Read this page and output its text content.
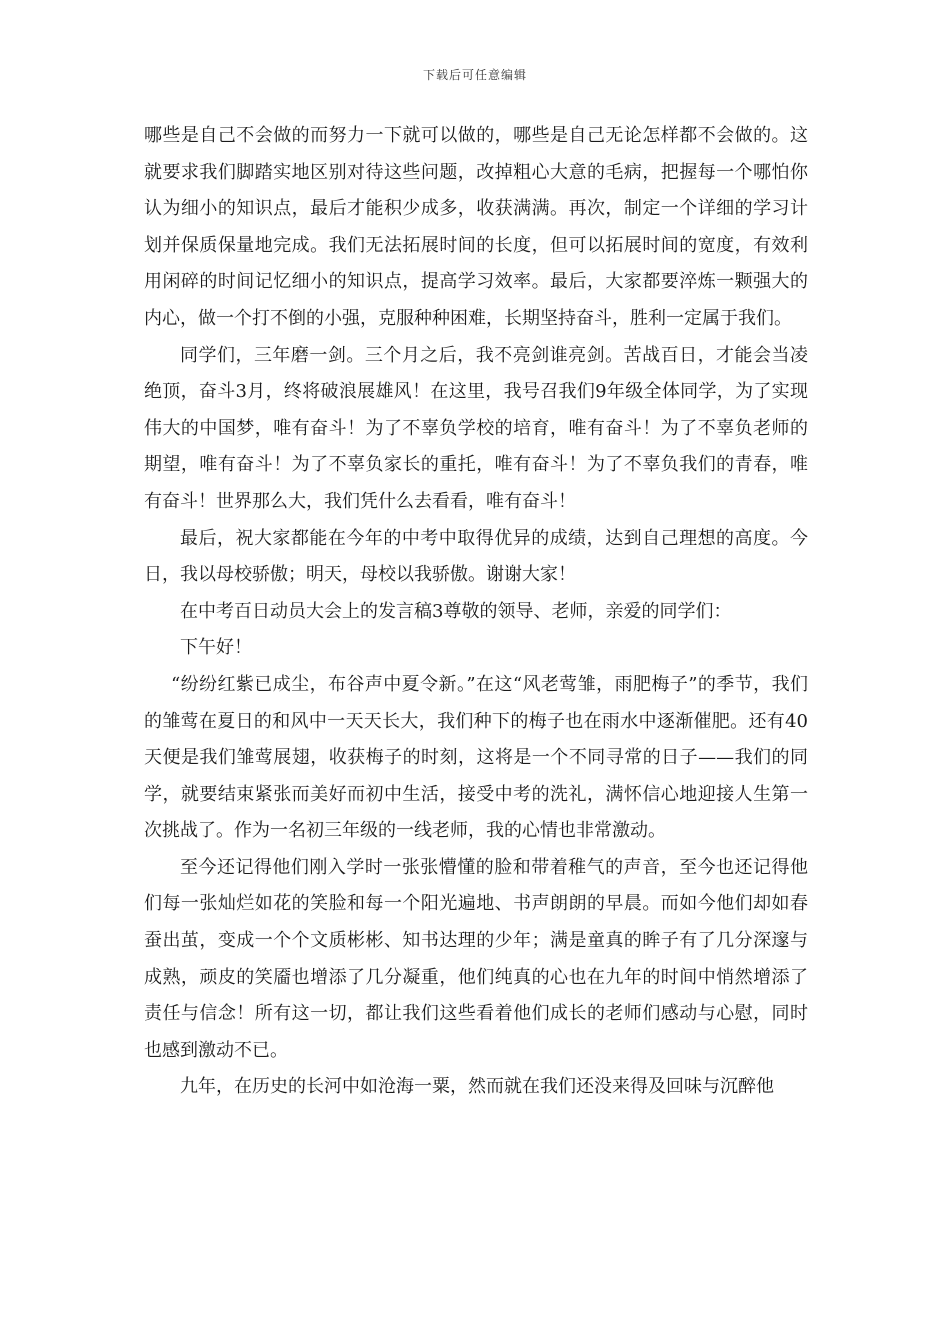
下载后可任意编辑

哪些是自己不会做的而努力一下就可以做的，哪些是自己无论怎样都不会做的。这就要求我们脚踏实地区别对待这些问题，改掉粗心大意的毛病，把握每一个哪怕你认为细小的知识点，最后才能积少成多，收获满满。再次，制定一个详细的学习计划并保质保量地完成。我们无法拓展时间的长度，但可以拓展时间的宽度，有效利用闲碎的时间记忆细小的知识点，提高学习效率。最后，大家都要淬炼一颗强大的内心，做一个打不倒的小强，克服种种困难，长期坚持奋斗，胜利一定属于我们。

同学们，三年磨一剑。三个月之后，我不亮剑谁亮剑。苦战百日，才能会当凌绝顶，奋斗3月，终将破浪展雄风！在这里，我号召我们9年级全体同学，为了实现伟大的中国梦，唯有奋斗！为了不辜负学校的培育，唯有奋斗！为了不辜负老师的期望，唯有奋斗！为了不辜负家长的重托，唯有奋斗！为了不辜负我们的青春，唯有奋斗！世界那么大，我们凭什么去看看，唯有奋斗！

最后，祝大家都能在今年的中考中取得优异的成绩，达到自己理想的高度。今日，我以母校骄傲；明天，母校以我骄傲。谢谢大家！

在中考百日动员大会上的发言稿3尊敬的领导、老师，亲爱的同学们：

下午好！

“纷纷红紫已成尘，布谷声中夏令新。”在这“风老莺雏，雨肥梅子”的季节，我们的雏莺在夏日的和风中一天天长大，我们种下的梅子也在雨水中逐渐催肥。还有40天便是我们雏莺展翅，收获梅子的时刻，这将是一个不同寻常的日子——我们的同学，就要结束紧张而美好而初中生活，接受中考的洗礼，满怀信心地迎接人生第一次挑战了。作为一名初三年级的一线老师，我的心情也非常激动。

至今还记得他们刚入学时一张张懵懂的脸和带着稚气的声音，至今也还记得他们每一张灿烂如花的笑脸和每一个阳光遍地、书声朗朗的早晨。而如今他们却如春蚕出茧，变成一个个文质彬彬、知书达理的少年；满是童真的眸子有了几分深邃与成熟，顽皮的笑靥也增添了几分凝重，他们纯真的心也在九年的时间中悄然增添了责任与信念！所有这一切，都让我们这些看着他们成长的老师们感动与心慰，同时也感到激动不已。

九年，在历史的长河中如沧海一粟，然而就在我们还没来得及回味与沉醉他
